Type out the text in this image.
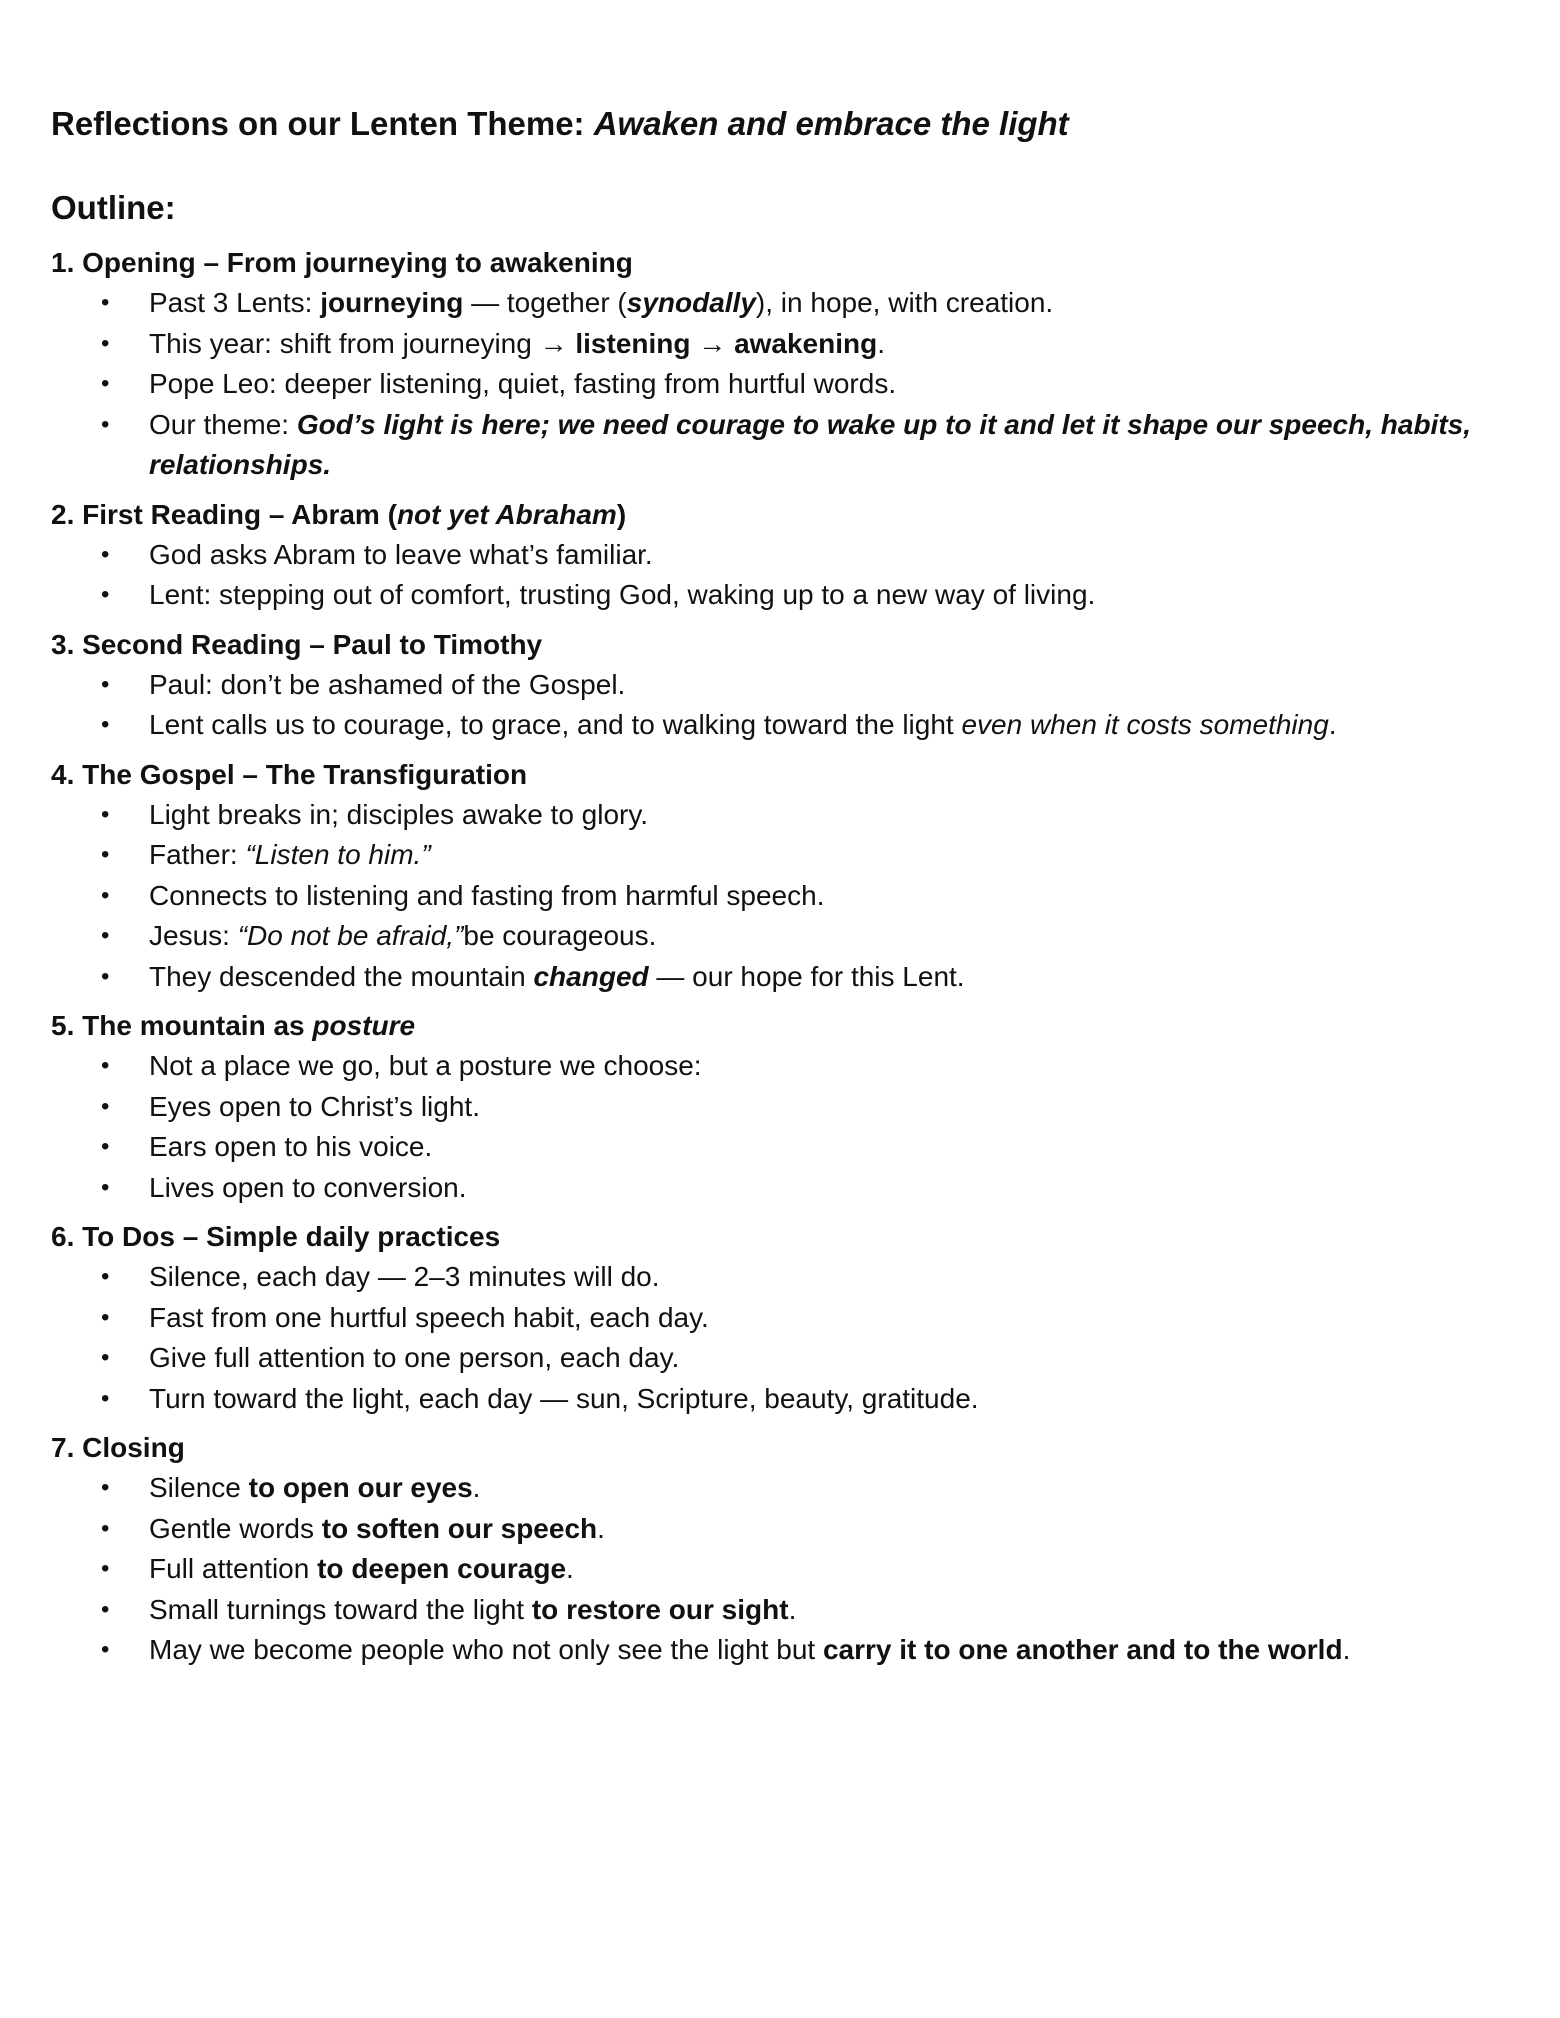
Reflections on our Lenten Theme: Awaken and embrace the light
Outline:
1. Opening – From journeying to awakening
• Past 3 Lents: journeying — together (synodally), in hope, with creation.
• This year: shift from journeying → listening → awakening.
• Pope Leo: deeper listening, quiet, fasting from hurtful words.
• Our theme: God’s light is here; we need courage to wake up to it and let it shape our speech, habits, relationships.
2. First Reading – Abram (not yet Abraham)
• God asks Abram to leave what’s familiar.
• Lent: stepping out of comfort, trusting God, waking up to a new way of living.
3. Second Reading – Paul to Timothy
• Paul: don’t be ashamed of the Gospel.
• Lent calls us to courage, to grace, and to walking toward the light even when it costs something.
4. The Gospel – The Transfiguration
• Light breaks in; disciples awake to glory.
• Father: “Listen to him.”
• Connects to listening and fasting from harmful speech.
• Jesus: “Do not be afraid,”be courageous.
• They descended the mountain changed — our hope for this Lent.
5. The mountain as posture
• Not a place we go, but a posture we choose:
• Eyes open to Christ’s light.
• Ears open to his voice.
• Lives open to conversion.
6. To Dos – Simple daily practices
• Silence, each day — 2–3 minutes will do.
• Fast from one hurtful speech habit, each day.
• Give full attention to one person, each day.
• Turn toward the light, each day — sun, Scripture, beauty, gratitude.
7. Closing
• Silence to open our eyes.
• Gentle words to soften our speech.
• Full attention to deepen courage.
• Small turnings toward the light to restore our sight.
• May we become people who not only see the light but carry it to one another and to the world.
